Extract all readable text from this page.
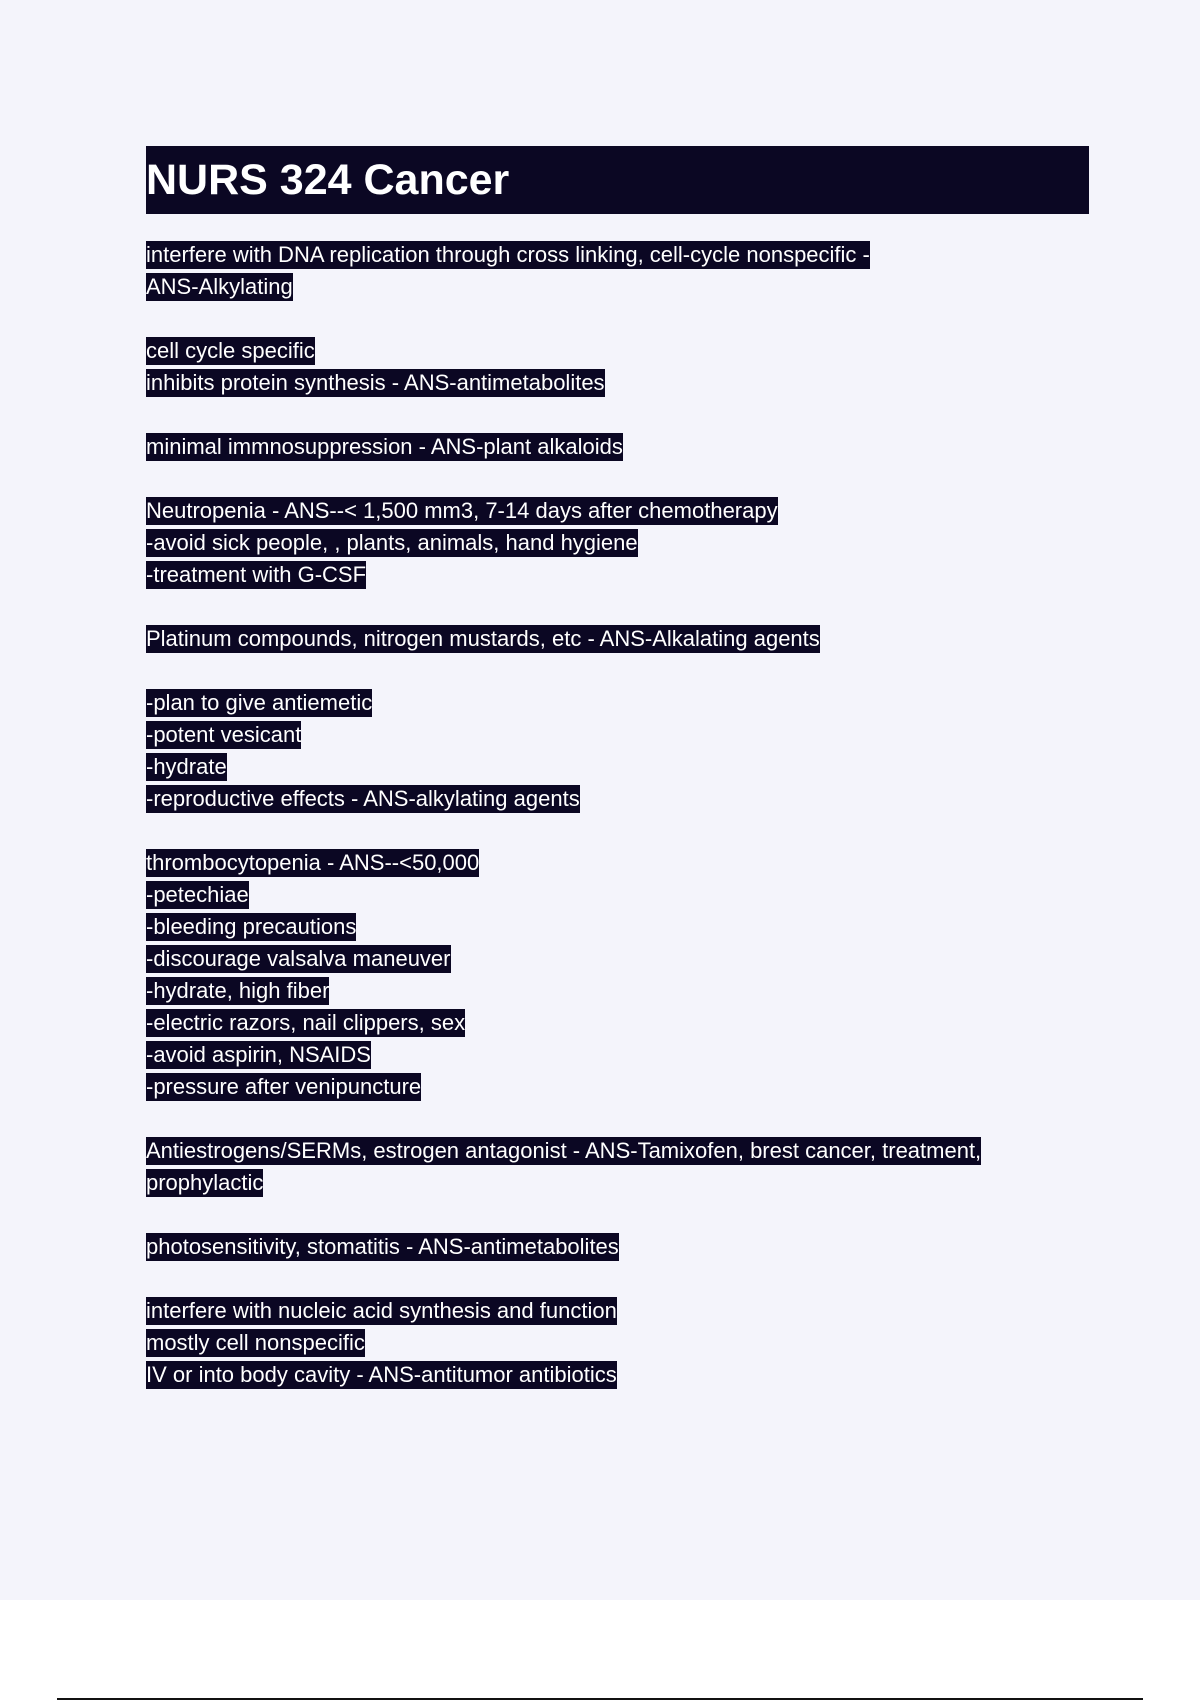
NURS 324 Cancer
interfere with DNA replication through cross linking, cell-cycle nonspecific -
ANS-Alkylating
cell cycle specific
inhibits protein synthesis - ANS-antimetabolites
minimal immnosuppression - ANS-plant alkaloids
Neutropenia - ANS--< 1,500 mm3, 7-14 days after chemotherapy
-avoid sick people, , plants, animals, hand hygiene
-treatment with G-CSF
Platinum compounds, nitrogen mustards, etc - ANS-Alkalating agents
-plan to give antiemetic
-potent vesicant
-hydrate
-reproductive effects - ANS-alkylating agents
thrombocytopenia - ANS--<50,000
-petechiae
-bleeding precautions
-discourage valsalva maneuver
-hydrate, high fiber
-electric razors, nail clippers, sex
-avoid aspirin, NSAIDS
-pressure after venipuncture
Antiestrogens/SERMs, estrogen antagonist - ANS-Tamixofen, brest cancer, treatment,
prophylactic
photosensitivity, stomatitis - ANS-antimetabolites
interfere with nucleic acid synthesis and function
mostly cell nonspecific
IV or into body cavity - ANS-antitumor antibiotics
